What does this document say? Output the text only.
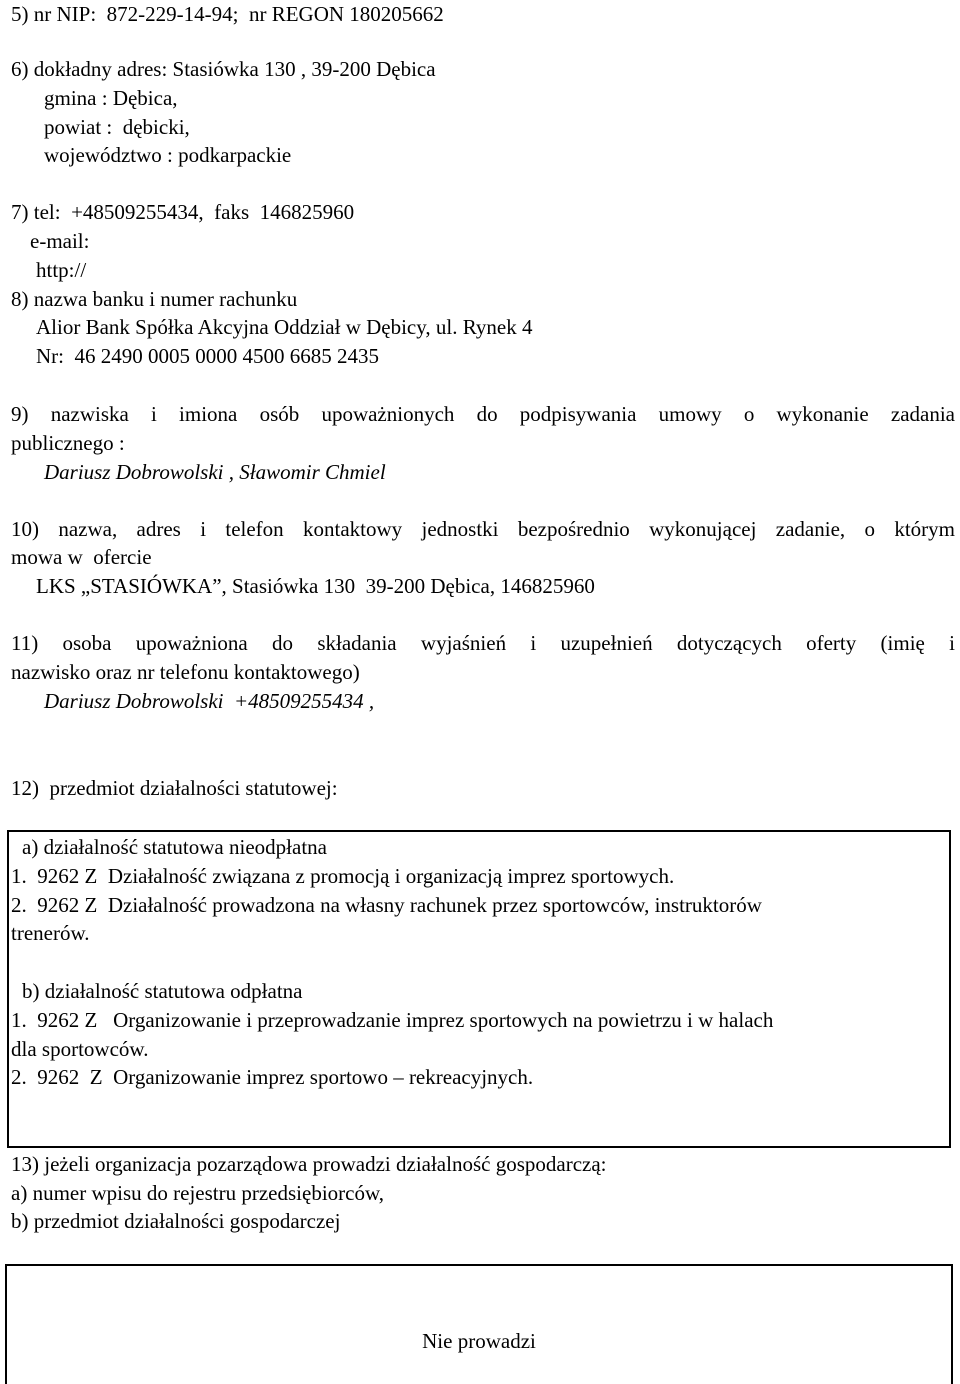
5) nr NIP:  872-229-14-94;  nr REGON 180205662
6) dokładny adres: Stasiówka 130 , 39-200 Dębica
gmina : Dębica,
powiat :  dębicki,
województwo : podkarpackie
7) tel:  +48509255434,  faks  146825960
e-mail:
http://
8) nazwa banku i numer rachunku
Alior Bank Spółka Akcyjna Oddział w Dębicy, ul. Rynek 4
Nr:  46 2490 0005 0000 4500 6685 2435
9) nazwiska i imiona osób upoważnionych do podpisywania umowy o wykonanie zadania
publicznego :
Dariusz Dobrowolski , Sławomir Chmiel
10) nazwa, adres i telefon kontaktowy jednostki bezpośrednio wykonującej zadanie, o którym
mowa w  ofercie
LKS „STASIÓWKA”, Stasiówka 130  39-200 Dębica, 146825960
11) osoba upoważniona do składania wyjaśnień i uzupełnień dotyczących oferty (imię i
nazwisko oraz nr telefonu kontaktowego)
Dariusz Dobrowolski  +48509255434 ,
12)  przedmiot działalności statutowej:
a) działalność statutowa nieodpłatna
1.  9262 Z  Działalność związana z promocją i organizacją imprez sportowych.
2.  9262 Z  Działalność prowadzona na własny rachunek przez sportowców, instruktorów
trenerów.
b) działalność statutowa odpłatna
1.  9262 Z   Organizowanie i przeprowadzanie imprez sportowych na powietrzu i w halach
dla sportowców.
2.  9262  Z  Organizowanie imprez sportowo – rekreacyjnych.
13) jeżeli organizacja pozarządowa prowadzi działalność gospodarczą:
a) numer wpisu do rejestru przedsiębiorców,
b) przedmiot działalności gospodarczej
Nie prowadzi
